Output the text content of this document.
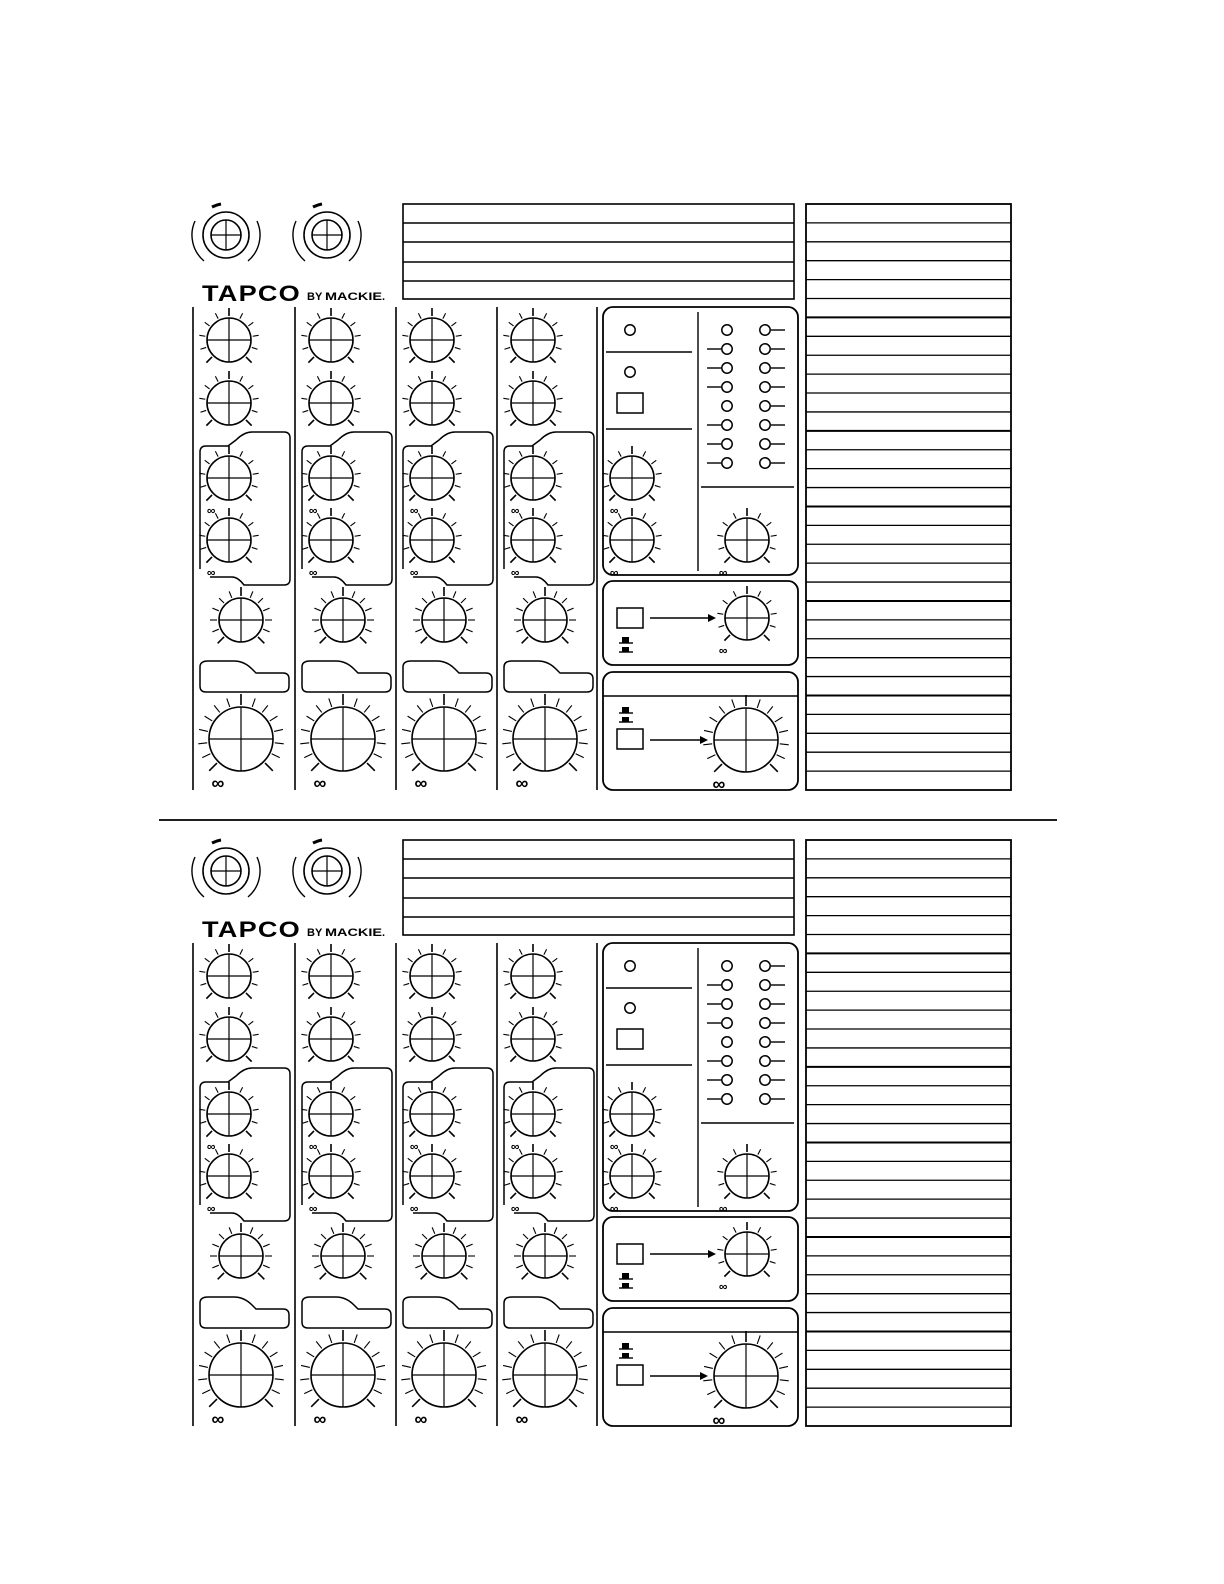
TAPCO BY MACKIE .
∞
∞
∞
∞
∞
∞
∞
∞
∞
∞
∞
∞
∞
∞	∞
∞
∞
TAPCO BY MACKIE .
∞
∞
∞
∞
∞
∞
∞
∞
∞
∞
∞
∞
∞
∞	∞
∞
∞
